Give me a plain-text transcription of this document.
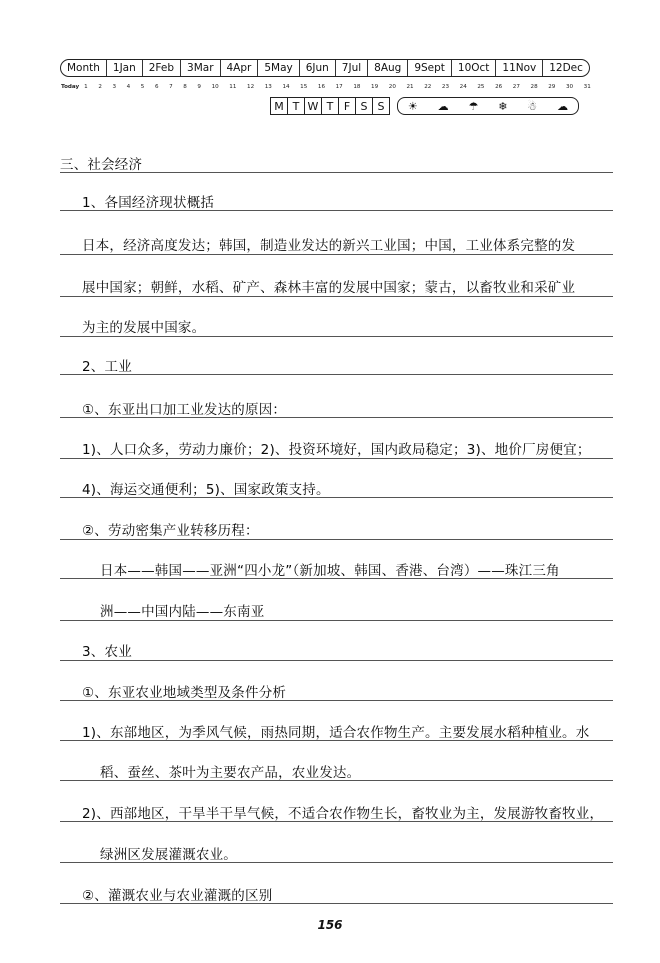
Month	1Jan	2Feb	3Mar	4Apr	5May	6Jun	7Jul	8Aug	9Sept	10Oct	11Nov	12Dec
Today 1 2 3 4 5 6 7 8 9 10 11 12 13 14 15 16 17 18 19 20 21 22 23 24 25 26 27 28 29 30 31
M T W T F S S	☀ ☁ ☂ ❄ ☃ ☁
三、社会经济
1、各国经济现状概括
日本，经济高度发达；韩国，制造业发达的新兴工业国；中国，工业体系完整的发
展中国家；朝鲜，水稻、矿产、森林丰富的发展中国家；蒙古，以畜牧业和采矿业
为主的发展中国家。
2、工业
①、东亚出口加工业发达的原因：
1)、人口众多，劳动力廉价；2)、投资环境好，国内政局稳定；3)、地价厂房便宜；
4)、海运交通便利；5)、国家政策支持。
②、劳动密集产业转移历程：
日本——韩国——亚洲“四小龙”（新加坡、韩国、香港、台湾）——珠江三角
洲——中国内陆——东南亚
3、农业
①、东亚农业地域类型及条件分析
1)、东部地区，为季风气候，雨热同期，适合农作物生产。主要发展水稻种植业。水
稻、蚕丝、茶叶为主要农产品，农业发达。
2)、西部地区，干旱半干旱气候，不适合农作物生长，畜牧业为主，发展游牧畜牧业，
绿洲区发展灌溉农业。
②、灌溉农业与农业灌溉的区别
156
